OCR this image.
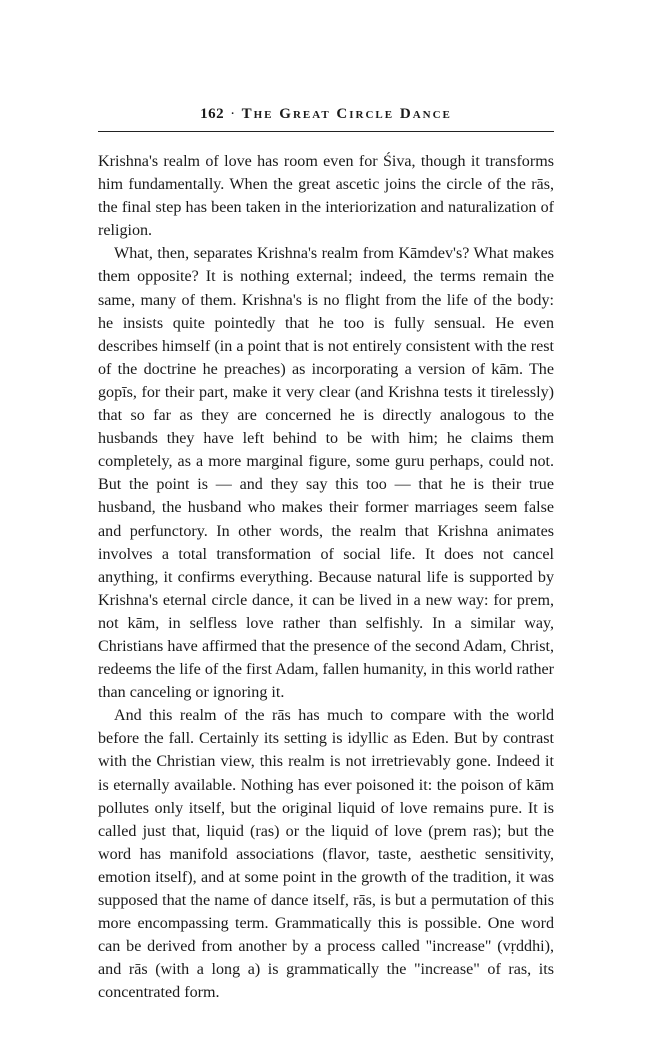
162 · The Great Circle Dance

Krishna's realm of love has room even for Śiva, though it transforms him fundamentally. When the great ascetic joins the circle of the rās, the final step has been taken in the interiorization and naturalization of religion.

What, then, separates Krishna's realm from Kāmdev's? What makes them opposite? It is nothing external; indeed, the terms remain the same, many of them. Krishna's is no flight from the life of the body: he insists quite pointedly that he too is fully sensual. He even describes himself (in a point that is not entirely consistent with the rest of the doctrine he preaches) as incorporating a version of kām. The gopīs, for their part, make it very clear (and Krishna tests it tirelessly) that so far as they are concerned he is directly analogous to the husbands they have left behind to be with him; he claims them completely, as a more marginal figure, some guru perhaps, could not. But the point is — and they say this too — that he is their true husband, the husband who makes their former marriages seem false and perfunctory. In other words, the realm that Krishna animates involves a total transformation of social life. It does not cancel anything, it confirms everything. Because natural life is supported by Krishna's eternal circle dance, it can be lived in a new way: for prem, not kām, in selfless love rather than selfishly. In a similar way, Christians have affirmed that the presence of the second Adam, Christ, redeems the life of the first Adam, fallen humanity, in this world rather than canceling or ignoring it.

And this realm of the rās has much to compare with the world before the fall. Certainly its setting is idyllic as Eden. But by contrast with the Christian view, this realm is not irretrievably gone. Indeed it is eternally available. Nothing has ever poisoned it: the poison of kām pollutes only itself, but the original liquid of love remains pure. It is called just that, liquid (ras) or the liquid of love (prem ras); but the word has manifold associations (flavor, taste, aesthetic sensitivity, emotion itself), and at some point in the growth of the tradition, it was supposed that the name of dance itself, rās, is but a permutation of this more encompassing term. Grammatically this is possible. One word can be derived from another by a process called "increase" (vṛddhi), and rās (with a long a) is grammatically the "increase" of ras, its concentrated form.
